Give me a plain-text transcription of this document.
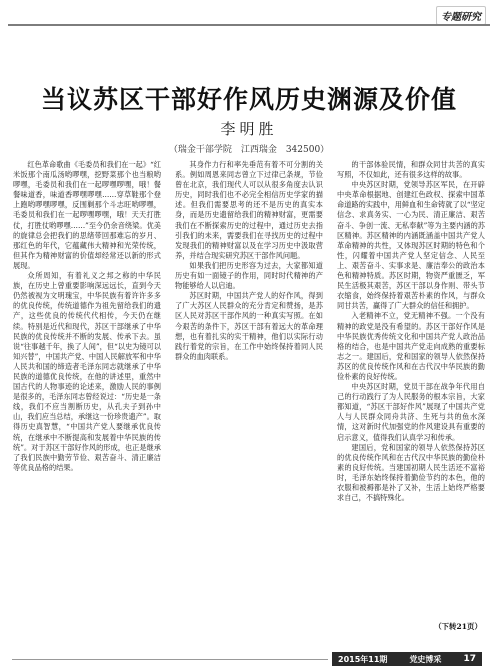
专题研究
当议苏区干部好作风历史渊源及价值
李明胜
（瑞金干部学院　江西瑞金　342500）

红色革命歌曲《毛委员和我们在一起》“红米饭那个南瓜汤哟啰嘿，挖野菜那个也当粮哟啰嘿，毛委员和我们在一起啰嘿啰嘿，哦！餐餐味道香，味道香啰嘿啰嘿……穿草鞋那个登上跑哟啰嘿啰嘿，反围剿那个斗志旺哟啰嘿，毛委员和我们在一起啰嘿啰嘿，哦！天天打胜仗，打胜仗哟啰嘿……”至今仍余音绕梁。优美的旋律总会把我们的思绪带回那难忘的岁月、那红色的年代，它蕴藏伟大精神和光荣传统，但其作为精神财富的价值却经常还以新的形式展现。

众所周知，有着礼义之邦之称的中华民族，在历史上曾重要影响深远远长，直到今天仍然被视为文明瑰宝，中华民族有着许许多多的优良传统，传统道德作为祖先留给我们的遗产，这些优良的传统代代相传，今天仍在继续。特别是近代和现代，苏区干部继承了中华民族的优良传统并不断的发展、传承下去。虽说“往事越千年，换了人间”，但“以史为镜可以知兴替”，中国共产党、中国人民解放军和中华人民共和国的缔造者毛泽东同志就继承了中华民族的道德优良传统，在他的讲述里，重然中国古代的人物事迹的论述来，激励人民的事例是很多的，毛泽东同志曾经说过：“历史是一条线，我们不应当割断历史，从孔夫子到孙中山，我们应当总结，承继这一份珍贵遗产”。取得历史真智慧，“中国共产党人要继承优良传统，在继承中不断提高和发展着中华民族的传统”。对于苏区干部好作风的形成，也正是继承了我们民族中勤劳节俭、艰苦奋斗、清正廉洁等优良品格的结果。

其身作力行和率先垂范有着不可分割的关系。例如周恩来同志曾立下过律己条规，节俭曾在北京，我们现代人可以从很多角度去认识历史，同时我们也不必完全相信历史学家的描述。但我们需要思考的还不是历史的真实本身，而是历史遗留给我们的精神财富，更需要我们在不断探索历史的过程中，通过历史去指引我们的未来，需要我们在寻找历史的过程中发现我们的精神财富以及在学习历史中汲取营养，并结合现实研究苏区干部作风问题。

如果我们把历史形容为过去，大家都知道历史有如一面镜子的作用，同时时代精神的产物能够给人以启迪。

苏区时期，中国共产党人的好作风，得到了广大苏区人民群众的充分肯定和赞扬，是苏区人民对苏区干部作风的一种真实写照。在如今艰苦的条件下，苏区干部有着远大的革命理想，也有着扎实的实干精神，他们以实际行动践行着党的宗旨，在工作中始终保持着同人民群众的血肉联系。

的干部体验民情，和群众同甘共苦的真实写照，不仅如此，还有很多这样的故事。

中央苏区时期，党领导苏区军民，在开辟中央革命根据地、创建红色政权、探索中国革命道路的实践中，用鲜血和生命铸就了以“坚定信念、求真务实、一心为民、清正廉洁、艰苦奋斗、争创一流、无私奉献”等为主要内涵的苏区精神。苏区精神的内涵既涵盖中国共产党人革命精神的共性，又体现苏区时期的特色和个性，闪耀着中国共产党人坚定信念、人民至上、艰苦奋斗、实事求是、廉洁奉公的政治本色和精神特质。苏区时期，物资严重匮乏，军民生活极其艰苦，苏区干部以身作则、带头节衣缩食，始终保持着艰苦朴素的作风，与群众同甘共苦，赢得了广大群众的信任和拥护。

入老精神不立，党无精神不强。一个没有精神的政党是没有希望的。苏区干部好作风是中华民族优秀传统文化和中国共产党人政治品格的结合，也是中国共产党走向成熟的重要标志之一。建国后，党和国家的领导人依然保持苏区的优良传统作风和在古代汉中华民族的勤俭朴素的良好传统。

中央苏区时期，党员干部在战争年代用自己的行动践行了为人民服务的根本宗旨，大家都知道，“苏区干部好作风”展现了中国共产党人与人民群众同舟共济、生死与共的鱼水深情，这对新时代加强党的作风建设具有重要的启示意义，值得我们认真学习和传承。

建国后，党和国家的领导人依然保持苏区的优良传统作风和在古代汉中华民族的勤俭朴素的良好传统。当建国初期人民生活还不富裕时，毛泽东始终保持着勤俭节约的本色，他的衣服和被褥都是补了又补，生活上始终严格要求自己，不搞特殊化。

（下转21页）
2015年11期	党史博采 17
